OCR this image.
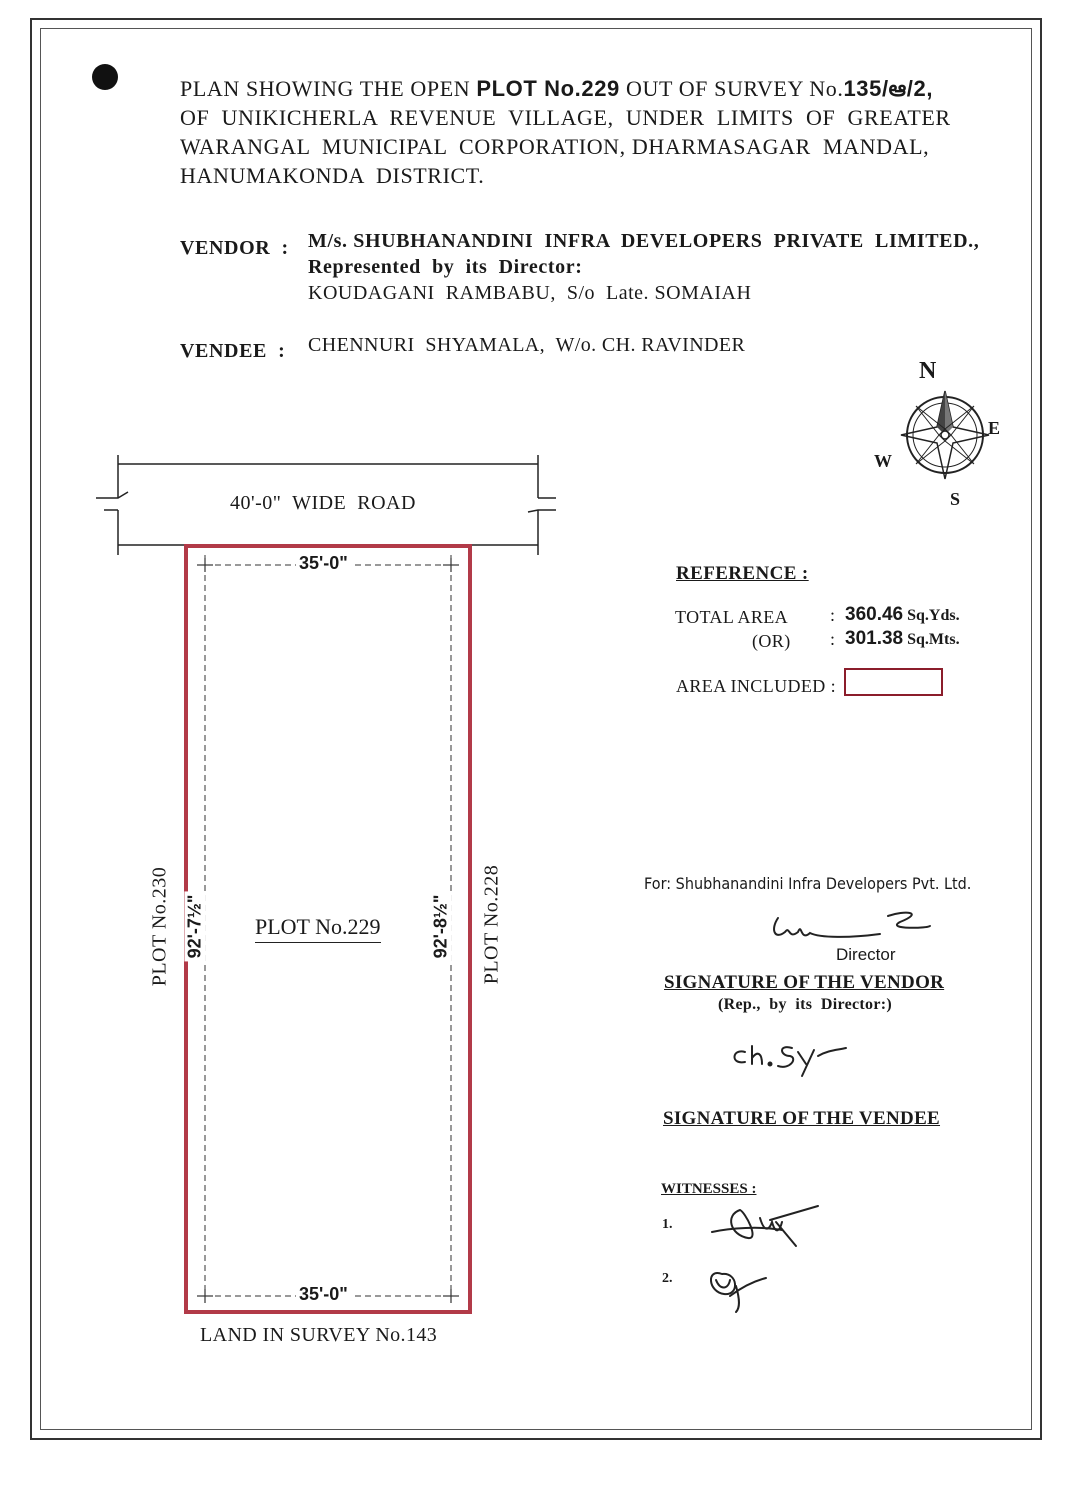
PLAN SHOWING THE OPEN PLOT No.229 OUT OF SURVEY No.135/ఆ/2,
OF  UNIKICHERLA  REVENUE  VILLAGE,  UNDER  LIMITS  OF  GREATER
WARANGAL  MUNICIPAL  CORPORATION, DHARMASAGAR  MANDAL,
HANUMAKONDA  DISTRICT.
VENDOR  : M/s. SHUBHANANDINI  INFRA  DEVELOPERS  PRIVATE  LIMITED.,
Represented  by  its  Director:
KOUDAGANI  RAMBABU,  S/o  Late. SOMAIAH
VENDEE  : CHENNURI  SHYAMALA,  W/o. CH. RAVINDER
N
E
W
S
40'-0"  WIDE  ROAD
35'-0"
35'-0"
92'-7½"	92'-8½"
PLOT No.229
PLOT No.230	PLOT No.228
LAND IN SURVEY No.143
REFERENCE :
TOTAL AREA
(OR)
:
:
360.46 Sq.Yds.
301.38 Sq.Mts.
AREA INCLUDED :
For: Shubhanandini Infra Developers Pvt. Ltd.
Director
SIGNATURE OF THE VENDOR
(Rep.,  by  its  Director:)
SIGNATURE OF THE VENDEE
WITNESSES :
1.
2.
